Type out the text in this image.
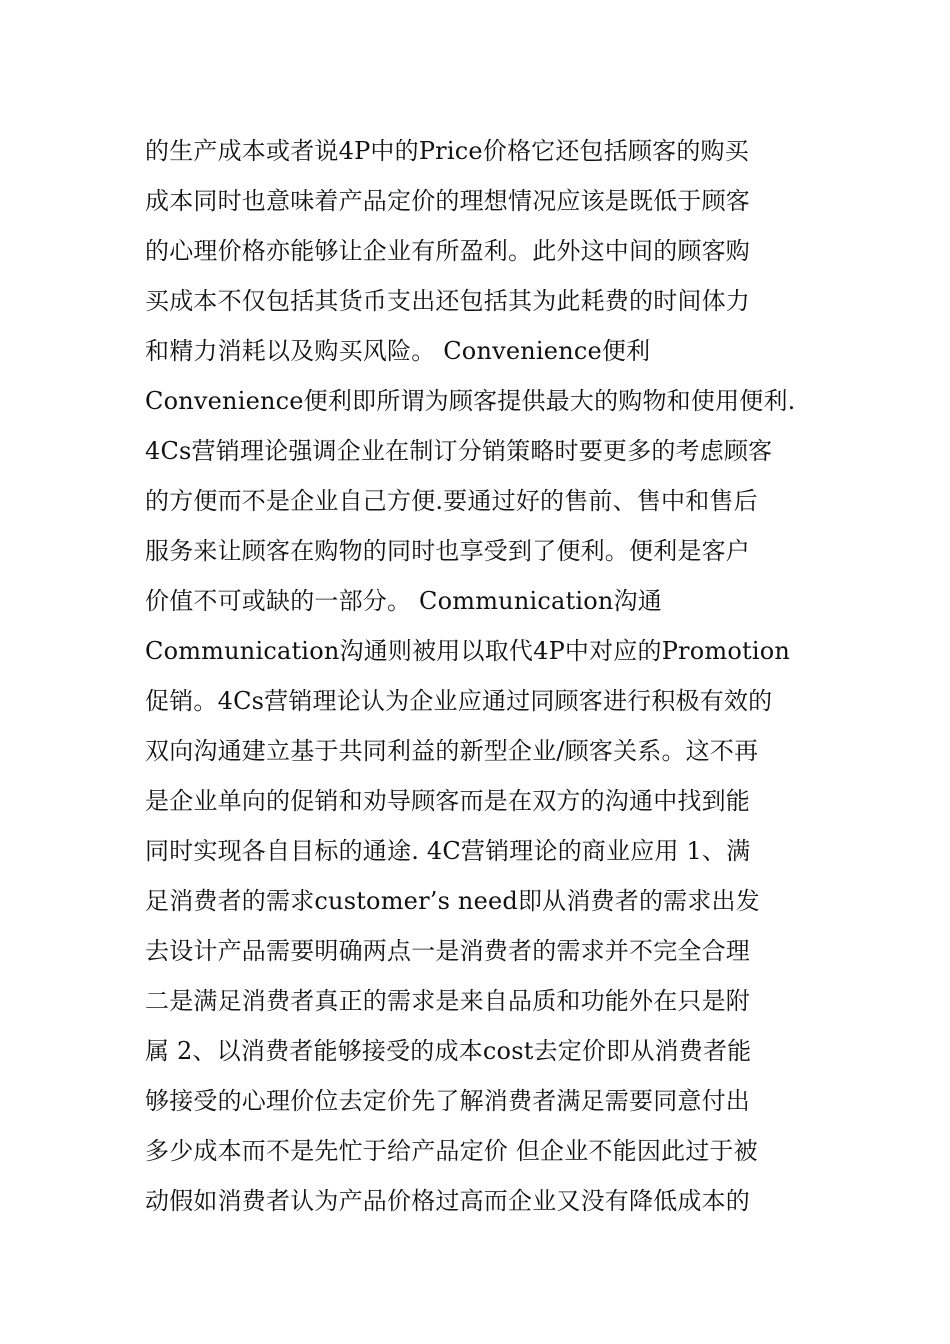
的生产成本或者说4P中的Price价格它还包括顾客的购买
成本同时也意味着产品定价的理想情况应该是既低于顾客
的心理价格亦能够让企业有所盈利。此外这中间的顾客购
买成本不仅包括其货币支出还包括其为此耗费的时间体力
和精力消耗以及购买风险。 Convenience便利
Convenience便利即所谓为顾客提供最大的购物和使用便利.
4Cs营销理论强调企业在制订分销策略时要更多的考虑顾客
的方便而不是企业自己方便.要通过好的售前、售中和售后
服务来让顾客在购物的同时也享受到了便利。便利是客户
价值不可或缺的一部分。 Communication沟通
Communication沟通则被用以取代4P中对应的Promotion
促销。4Cs营销理论认为企业应通过同顾客进行积极有效的
双向沟通建立基于共同利益的新型企业/顾客关系。这不再
是企业单向的促销和劝导顾客而是在双方的沟通中找到能
同时实现各自目标的通途. 4C营销理论的商业应用 1、满
足消费者的需求customer’s need即从消费者的需求出发
去设计产品需要明确两点一是消费者的需求并不完全合理
二是满足消费者真正的需求是来自品质和功能外在只是附
属 2、以消费者能够接受的成本cost去定价即从消费者能
够接受的心理价位去定价先了解消费者满足需要同意付出
多少成本而不是先忙于给产品定价 但企业不能因此过于被
动假如消费者认为产品价格过高而企业又没有降低成本的
